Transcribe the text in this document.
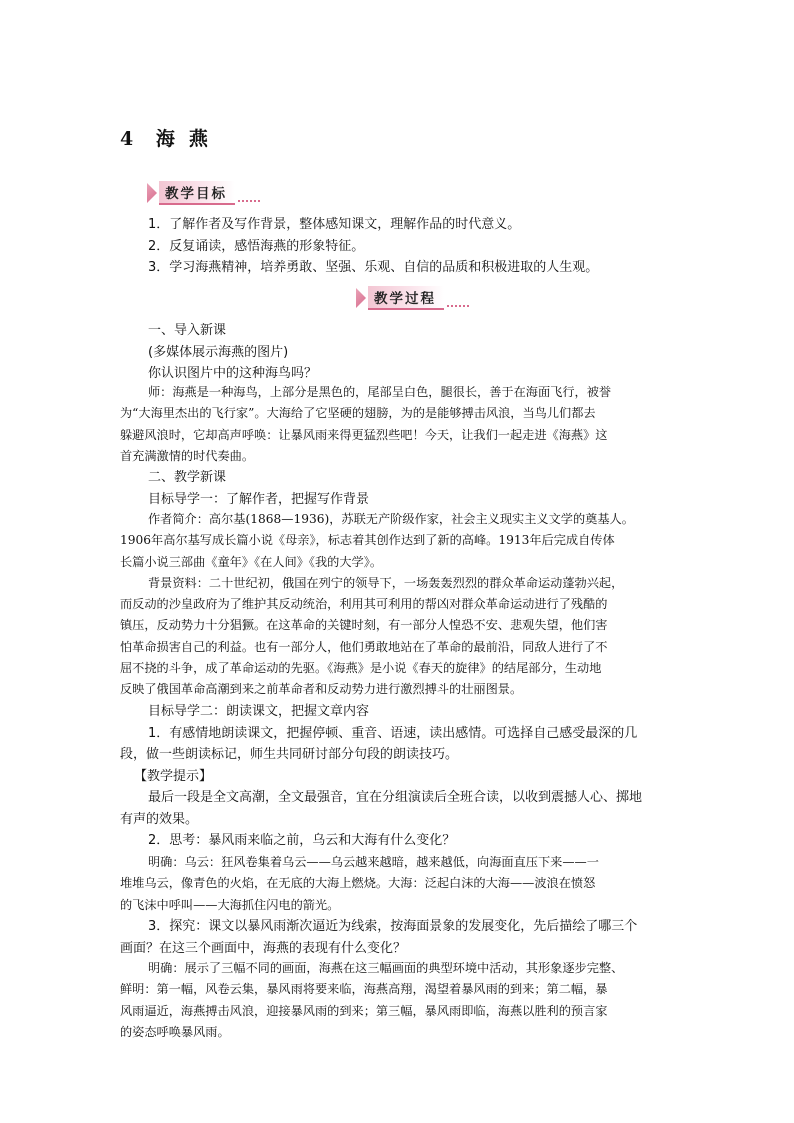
4 海燕
教学目标

1．了解作者及写作背景，整体感知课文，理解作品的时代意义。

2．反复诵读，感悟海燕的形象特征。

3．学习海燕精神，培养勇敢、坚强、乐观、自信的品质和积极进取的人生观。

教学过程

一、导入新课

(多媒体展示海燕的图片)

你认识图片中的这种海鸟吗？

师：海燕是一种海鸟，上部分是黑色的，尾部呈白色，腿很长，善于在海面飞行，被誉

为“大海里杰出的飞行家”。大海给了它坚硬的翅膀，为的是能够搏击风浪，当鸟儿们都去

躲避风浪时，它却高声呼唤：让暴风雨来得更猛烈些吧！今天，让我们一起走进《海燕》这

首充满激情的时代奏曲。

二、教学新课

目标导学一：了解作者，把握写作背景

作者简介：高尔基(1868—1936)，苏联无产阶级作家，社会主义现实主义文学的奠基人。

1906年高尔基写成长篇小说《母亲》，标志着其创作达到了新的高峰。1913年后完成自传体

长篇小说三部曲《童年》《在人间》《我的大学》。

背景资料：二十世纪初，俄国在列宁的领导下，一场轰轰烈烈的群众革命运动蓬勃兴起，

而反动的沙皇政府为了维护其反动统治，利用其可利用的帮凶对群众革命运动进行了残酷的

镇压，反动势力十分猖獗。在这革命的关键时刻，有一部分人惶恐不安、悲观失望，他们害

怕革命损害自己的利益。也有一部分人，他们勇敢地站在了革命的最前沿，同敌人进行了不

屈不挠的斗争，成了革命运动的先驱。《海燕》是小说《春天的旋律》的结尾部分，生动地

反映了俄国革命高潮到来之前革命者和反动势力进行激烈搏斗的壮丽图景。

目标导学二：朗读课文，把握文章内容

1．有感情地朗读课文，把握停顿、重音、语速，读出感情。可选择自己感受最深的几

段，做一些朗读标记，师生共同研讨部分句段的朗读技巧。

【教学提示】

最后一段是全文高潮，全文最强音，宜在分组演读后全班合读，以收到震撼人心、掷地

有声的效果。

2．思考：暴风雨来临之前，乌云和大海有什么变化？

明确：乌云：狂风卷集着乌云——乌云越来越暗，越来越低，向海面直压下来——一

堆堆乌云，像青色的火焰，在无底的大海上燃烧。大海：泛起白沫的大海——波浪在愤怒

的飞沫中呼叫——大海抓住闪电的箭光。

3．探究：课文以暴风雨渐次逼近为线索，按海面景象的发展变化，先后描绘了哪三个

画面？在这三个画面中，海燕的表现有什么变化？

明确：展示了三幅不同的画面，海燕在这三幅画面的典型环境中活动，其形象逐步完整、

鲜明：第一幅，风卷云集，暴风雨将要来临，海燕高翔，渴望着暴风雨的到来；第二幅，暴

风雨逼近，海燕搏击风浪，迎接暴风雨的到来；第三幅，暴风雨即临，海燕以胜利的预言家

的姿态呼唤暴风雨。
